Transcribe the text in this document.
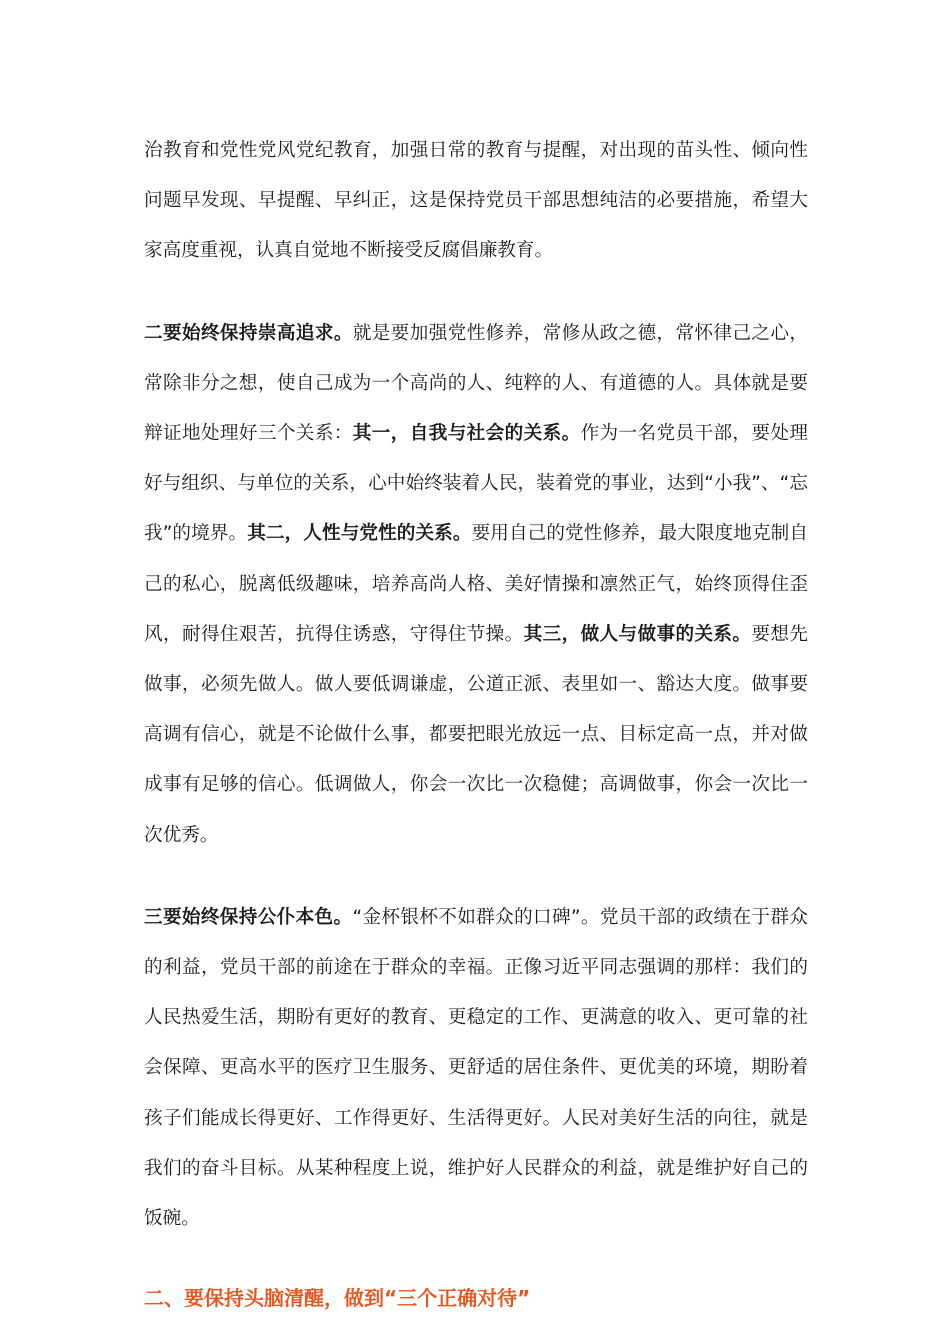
治教育和党性党风党纪教育，加强日常的教育与提醒，对出现的苗头性、倾向性问题早发现、早提醒、早纠正，这是保持党员干部思想纯洁的必要措施，希望大家高度重视，认真自觉地不断接受反腐倡廉教育。

二要始终保持崇高追求。就是要加强党性修养，常修从政之德，常怀律己之心，常除非分之想，使自己成为一个高尚的人、纯粹的人、有道德的人。具体就是要辩证地处理好三个关系：其一，自我与社会的关系。作为一名党员干部，要处理好与组织、与单位的关系，心中始终装着人民，装着党的事业，达到“小我”、“忘我”的境界。其二，人性与党性的关系。要用自己的党性修养，最大限度地克制自己的私心，脱离低级趣味，培养高尚人格、美好情操和凛然正气，始终顶得住歪风，耐得住艰苦，抗得住诱惑，守得住节操。其三，做人与做事的关系。要想先做事，必须先做人。做人要低调谦虚，公道正派、表里如一、豁达大度。做事要高调有信心，就是不论做什么事，都要把眼光放远一点、目标定高一点，并对做成事有足够的信心。低调做人，你会一次比一次稳健；高调做事，你会一次比一次优秀。

三要始终保持公仆本色。“金杯银杯不如群众的口碑”。党员干部的政绩在于群众的利益，党员干部的前途在于群众的幸福。正像习近平同志强调的那样：我们的人民热爱生活，期盼有更好的教育、更稳定的工作、更满意的收入、更可靠的社会保障、更高水平的医疗卫生服务、更舒适的居住条件、更优美的环境，期盼着孩子们能成长得更好、工作得更好、生活得更好。人民对美好生活的向往，就是我们的奋斗目标。从某种程度上说，维护好人民群众的利益，就是维护好自己的饭碗。

二、要保持头脑清醒，做到“三个正确对待”
